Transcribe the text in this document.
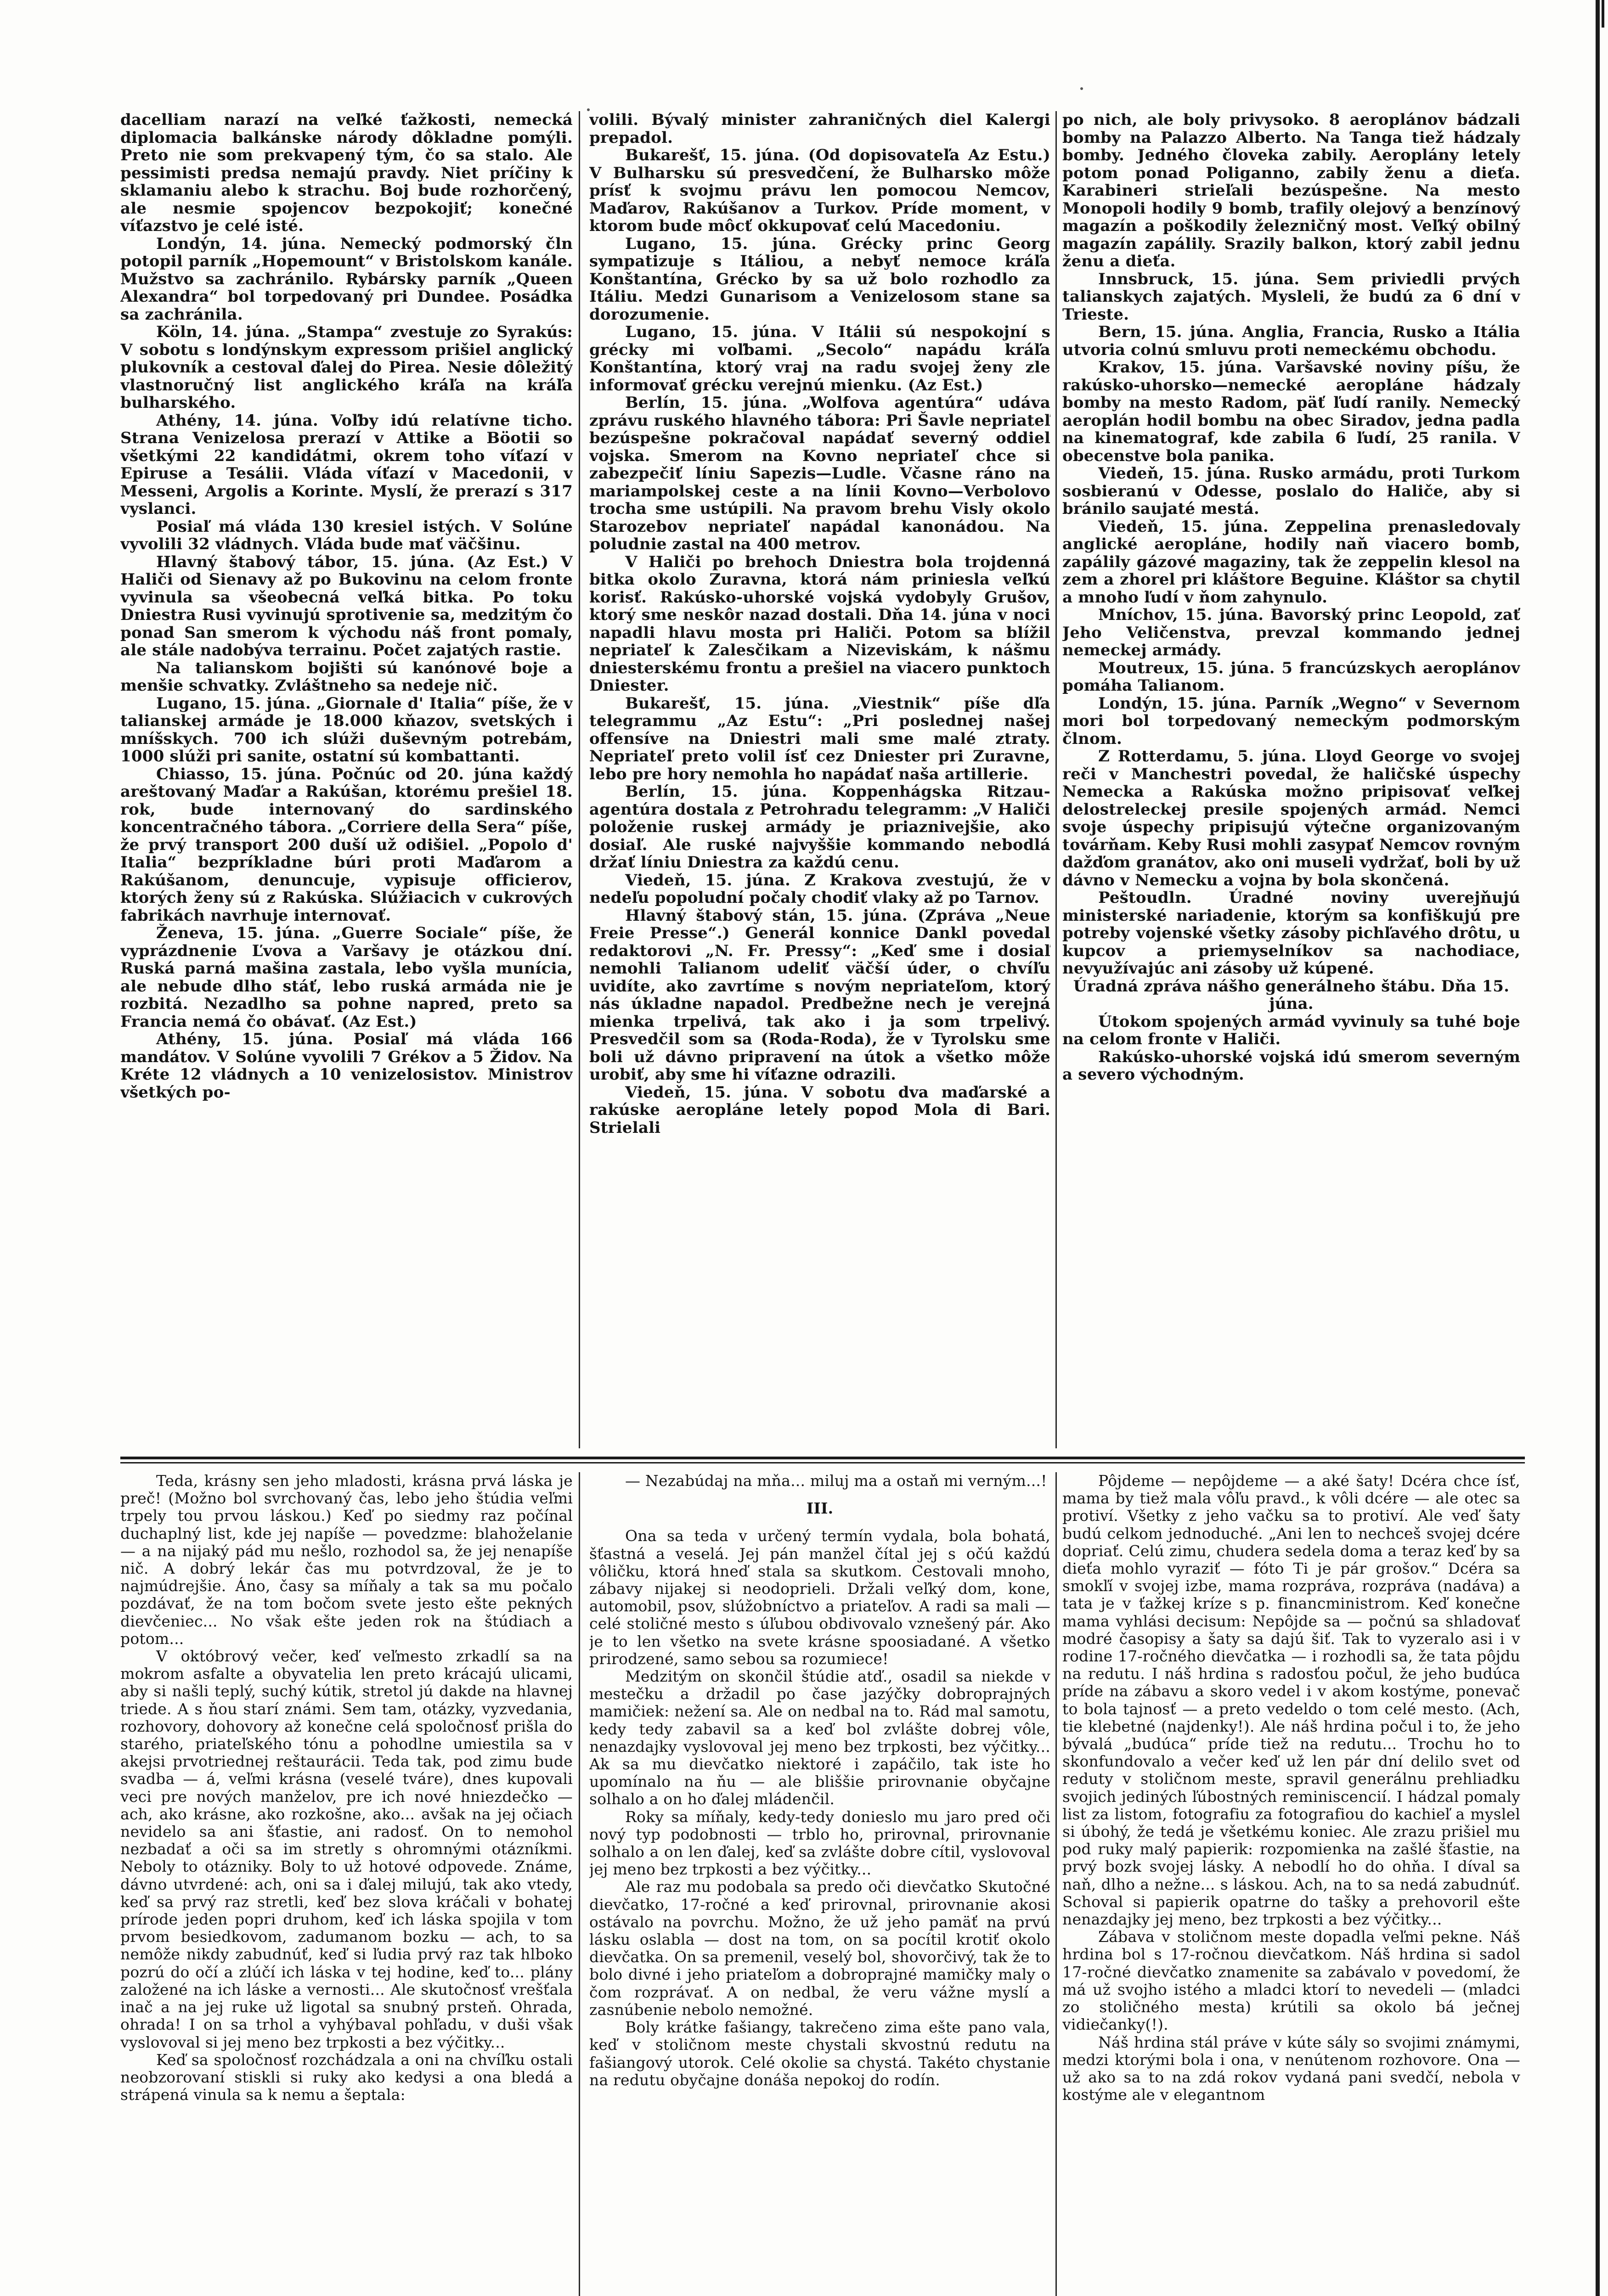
dacelliam narazí na veľké ťažkosti, nemecká diplomacia balkánske národy dôkladne pomýli. Preto nie som prekvapený tým, čo sa stalo. Ale pessimisti predsa nemajú pravdy. Niet príčiny k sklamaniu alebo k strachu. Boj bude rozhorčený, ale nesmie spojencov bezpokojiť; konečné víťazstvo je celé isté.

Londýn, 14. júna. Nemecký podmorský čln potopil parník „Hopemount“ v Bristolskom kanále. Mužstvo sa zachránilo. Rybársky parník „Queen Alexandra“ bol torpedovaný pri Dundee. Posádka sa zachránila.

Köln, 14. júna. „Stampa“ zvestuje zo Syrakús: V sobotu s londýnskym expressom prišiel anglický plukovník a cestoval ďalej do Pirea. Nesie dôležitý vlastnoručný list anglického kráľa na kráľa bulharského.

Athény, 14. júna. Voľby idú relatívne ticho. Strana Venizelosa prerazí v Attike a Böotii so všetkými 22 kandidátmi, okrem toho víťazí v Epiruse a Tesálii. Vláda víťazí v Macedonii, v Messeni, Argolis a Korinte. Myslí, že prerazí s 317 vyslanci.

Posiaľ má vláda 130 kresiel istých. V Solúne vyvolili 32 vládnych. Vláda bude mať väčšinu.

Hlavný štabový tábor, 15. júna. (Az Est.) V Haliči od Sienavy až po Bukovinu na celom fronte vyvinula sa všeobecná veľká bitka. Po toku Dniestra Rusi vyvinujú sprotivenie sa, medzitým čo ponad San smerom k východu náš front pomaly, ale stále nadobýva terrainu. Počet zajatých rastie.

Na talianskom bojišti sú kanónové boje a menšie schvatky. Zvláštneho sa nedeje nič.

Lugano, 15. júna. „Giornale d' Italia“ píše, že v talianskej armáde je 18.000 kňazov, svetských i mníšskych. 700 ich slúži duševným potrebám, 1000 slúži pri sanite, ostatní sú kombattanti.

Chiasso, 15. júna. Počnúc od 20. júna každý areštovaný Maďar a Rakúšan, ktorému prešiel 18. rok, bude internovaný do sardinského koncentračného tábora. „Corriere della Sera“ píše, že prvý transport 200 duší už odišiel. „Popolo d' Italia“ bezpríkladne búri proti Maďarom a Rakúšanom, denuncuje, vypisuje officierov, ktorých ženy sú z Rakúska. Slúžiacich v cukrových fabrikách navrhuje internovať.

Ženeva, 15. júna. „Guerre Sociale“ píše, že vyprázdnenie Ľvova a Varšavy je otázkou dní. Ruská parná mašina zastala, lebo vyšla munícia, ale nebude dlho stáť, lebo ruská armáda nie je rozbitá. Nezadlho sa pohne napred, preto sa Francia nemá čo obávať. (Az Est.)

Athény, 15. júna. Posiaľ má vláda 166 mandátov. V Solúne vyvolili 7 Grékov a 5 Židov. Na Kréte 12 vládnych a 10 venizelosistov. Ministrov všetkých po-

volili. Bývalý minister zahraničných diel Kalergi prepadol.

Bukarešť, 15. júna. (Od dopisovateľa Az Estu.) V Bulharsku sú presvedčení, že Bulharsko môže prísť k svojmu právu len pomocou Nemcov, Maďarov, Rakúšanov a Turkov. Príde moment, v ktorom bude môcť okkupovať celú Macedoniu.

Lugano, 15. júna. Grécky princ Georg sympatizuje s Itáliou, a nebyť nemoce kráľa Konštantína, Grécko by sa už bolo rozhodlo za Itáliu. Medzi Gunarisom a Venizelosom stane sa dorozumenie.

Lugano, 15. júna. V Itálii sú nespokojní s grécky mi voľbami. „Secolo“ napádu kráľa Konštantína, ktorý vraj na radu svojej ženy zle informovať grécku verejnú mienku. (Az Est.)

Berlín, 15. júna. „Wolfova agentúra“ udáva zprávu ruského hlavného tábora: Pri Šavle nepriateľ bezúspešne pokračoval napádať severný oddiel vojska. Smerom na Kovno nepriateľ chce si zabezpečiť líniu Sapezis—Ludle. Včasne ráno na mariampolskej ceste a na línii Kovno—Verbolovo trocha sme ustúpili. Na pravom brehu Visly okolo Starozebov nepriateľ napádal kanonádou. Na poludnie zastal na 400 metrov.

V Haliči po brehoch Dniestra bola trojdenná bitka okolo Zuravna, ktorá nám priniesla veľkú korisť. Rakúsko-uhorské vojská vydobyly Grušov, ktorý sme neskôr nazad dostali. Dňa 14. júna v noci napadli hlavu mosta pri Haliči. Potom sa blížil nepriateľ k Zalesčikam a Nizeviskám, k nášmu dniesterskému frontu a prešiel na viacero punktoch Dniester.

Bukarešť, 15. júna. „Viestnik“ píše dľa telegrammu „Az Estu“: „Pri poslednej našej offensíve na Dniestri mali sme malé ztraty. Nepriateľ preto volil ísť cez Dniester pri Zuravne, lebo pre hory nemohla ho napádať naša artillerie.

Berlín, 15. júna. Koppenhágska Ritzau-agentúra dostala z Petrohradu telegramm: „V Haliči položenie ruskej armády je priaznivejšie, ako dosiaľ. Ale ruské najvyššie kommando nebodlá držať líniu Dniestra za každú cenu.

Viedeň, 15. júna. Z Krakova zvestujú, že v nedeľu popoludní počaly chodiť vlaky až po Tarnov.

Hlavný štabový stán, 15. júna. (Zpráva „Neue Freie Presse“.) Generál konnice Dankl povedal redaktorovi „N. Fr. Pressy“: „Keď sme i dosiaľ nemohli Talianom udeliť väčší úder, o chvíľu uvidíte, ako zavrtíme s novým nepriateľom, ktorý nás úkladne napadol. Predbežne nech je verejná mienka trpelivá, tak ako i ja som trpelivý. Presvedčil som sa (Roda-Roda), že v Tyrolsku sme boli už dávno pripravení na útok a všetko môže urobiť, aby sme hi víťazne odrazili.

Viedeň, 15. júna. V sobotu dva maďarské a rakúske aeropláne letely popod Mola di Bari. Strielali

po nich, ale boly privysoko. 8 aeroplánov bádzali bomby na Palazzo Alberto. Na Tanga tiež hádzaly bomby. Jedného človeka zabily. Aeroplány letely potom ponad Poliganno, zabily ženu a dieťa. Karabineri strieľali bezúspešne. Na mesto Monopoli hodily 9 bomb, trafily olejový a benzínový magazín a poškodily železničný most. Veľký obilný magazín zapálily. Srazily balkon, ktorý zabil jednu ženu a dieťa.

Innsbruck, 15. júna. Sem priviedli prvých talianskych zajatých. Mysleli, že budú za 6 dní v Trieste.

Bern, 15. júna. Anglia, Francia, Rusko a Itália utvoria colnú smluvu proti nemeckému obchodu.

Krakov, 15. júna. Varšavské noviny píšu, že rakúsko-uhorsko—nemecké aeropláne hádzaly bomby na mesto Radom, päť ľudí ranily. Nemecký aeroplán hodil bombu na obec Siradov, jedna padla na kinematograf, kde zabila 6 ľudí, 25 ranila. V obecenstve bola panika.

Viedeň, 15. júna. Rusko armádu, proti Turkom sosbieranú v Odesse, poslalo do Haliče, aby si bránilo saujaté mestá.

Viedeň, 15. júna. Zeppelina prenasledovaly anglické aeropláne, hodily naň viacero bomb, zapálily gázové magaziny, tak že zeppelin klesol na zem a zhorel pri kláštore Beguine. Kláštor sa chytil a mnoho ľudí v ňom zahynulo.

Mníchov, 15. júna. Bavorský princ Leopold, zať Jeho Veličenstva, prevzal kommando jednej nemeckej armády.

Moutreux, 15. júna. 5 francúzskych aeroplánov pomáha Talianom.

Londýn, 15. júna. Parník „Wegno“ v Severnom mori bol torpedovaný nemeckým podmorským člnom.

Z Rotterdamu, 5. júna. Lloyd George vo svojej reči v Manchestri povedal, že haličské úspechy Nemecka a Rakúska možno pripisovať veľkej delostreleckej presile spojených armád. Nemci svoje úspechy pripisujú výtečne organizovaným továrňam. Keby Rusi mohli zasypať Nemcov rovným dažďom granátov, ako oni museli vydržať, boli by už dávno v Nemecku a vojna by bola skončená.

Peštoudln. Úradné noviny uverejňujú ministerské nariadenie, ktorým sa konfiškujú pre potreby vojenské všetky zásoby pichľavého drôtu, u kupcov a priemyselníkov sa nachodiace, nevyužívajúc ani zásoby už kúpené.

Úradná zpráva nášho generálneho štábu. Dňa 15. júna.

Útokom spojených armád vyvinuly sa tuhé boje na celom fronte v Haliči.

Rakúsko-uhorské vojská idú smerom severným a severo východným.

Teda, krásny sen jeho mladosti, krásna prvá láska je preč! (Možno bol svrchovaný čas, lebo jeho štúdia veľmi trpely tou prvou láskou.) Keď po siedmy raz počínal duchaplný list, kde jej napíše — povedzme: blahoželanie — a na nijaký pád mu nešlo, rozhodol sa, že jej nenapíše nič. A dobrý lekár čas mu potvrdzoval, že je to najmúdrejšie. Áno, časy sa míňaly a tak sa mu počalo pozdávať, že na tom bočom svete jesto ešte pekných dievčeniec... No však ešte jeden rok na štúdiach a potom...

V októbrový večer, keď veľmesto zrkadlí sa na mokrom asfalte a obyvatelia len preto krácajú ulicami, aby si našli teplý, suchý kútik, stretol jú dakde na hlavnej triede. A s ňou starí známi. Sem tam, otázky, vyzvedania, rozhovory, dohovory až konečne celá spoločnosť prišla do starého, priateľského tónu a pohodlne umiestila sa v akejsi prvotriednej reštaurácii. Teda tak, pod zimu bude svadba — á, veľmi krásna (veselé tváre), dnes kupovali veci pre nových manželov, pre ich nové hniezdečko — ach, ako krásne, ako rozkošne, ako... avšak na jej očiach nevidelo sa ani šťastie, ani radosť. On to nemohol nezbadať a oči sa im stretly s ohromnými otázníkmi. Neboly to otázniky. Boly to už hotové odpovede. Známe, dávno utvrdené: ach, oni sa i ďalej milujú, tak ako vtedy, keď sa prvý raz stretli, keď bez slova kráčali v bohatej prírode jeden popri druhom, keď ich láska spojila v tom prvom besiedkovom, zadumanom bozku — ach, to sa nemôže nikdy zabudnúť, keď si ľudia prvý raz tak hlboko pozrú do očí a zlúčí ich láska v tej hodine, keď to... plány založené na ich láske a vernosti... Ale skutočnosť vrešťala inač a na jej ruke už ligotal sa snubný prsteň. Ohrada, ohrada! I on sa trhol a vyhýbaval pohľadu, v duši však vyslovoval si jej meno bez trpkosti a bez výčitky...

Keď sa spoločnosť rozchádzala a oni na chvíľku ostali neobzorovaní stiskli si ruky ako kedysi a ona bledá a strápená vinula sa k nemu a šeptala:

— Nezabúdaj na mňa... miluj ma a ostaň mi verným...!

III.

Ona sa teda v určený termín vydala, bola bohatá, šťastná a veselá. Jej pán manžel čítal jej s očú každú vôličku, ktorá hneď stala sa skutkom. Cestovali mnoho, zábavy nijakej si neodoprieli. Držali veľký dom, kone, automobil, psov, slúžobníctvo a priateľov. A radi sa mali — celé stoličné mesto s úľubou obdivovalo vznešený pár. Ako je to len všetko na svete krásne spoosiadané. A všetko prirodzené, samo sebou sa rozumiece!

Medzitým on skončil štúdie atď., osadil sa niekde v mestečku a držadil po čase jazýčky dobroprajných mamičiek: nežení sa. Ale on nedbal na to. Rád mal samotu, kedy tedy zabavil sa a keď bol zvlášte dobrej vôle, nenazdajky vyslovoval jej meno bez trpkosti, bez výčitky... Ak sa mu dievčatko niektoré i zapáčilo, tak iste ho upomínalo na ňu — ale bliššie prirovnanie obyčajne solhalo a on ho ďalej mládenčil.

Roky sa míňaly, kedy-tedy donieslo mu jaro pred oči nový typ podobnosti — trblo ho, prirovnal, prirovnanie solhalo a on len ďalej, keď sa zvlášte dobre cítil, vyslovoval jej meno bez trpkosti a bez výčitky...

Ale raz mu podobala sa predo oči dievčatko Skutočné dievčatko, 17-ročné a keď prirovnal, prirovnanie akosi ostávalo na povrchu. Možno, že už jeho pamäť na prvú lásku oslabla — dost na tom, on sa pocítil krotiť okolo dievčatka. On sa premenil, veselý bol, shovorčivý, tak že to bolo divné i jeho priateľom a dobroprajné mamičky maly o čom rozprávať. A on nedbal, že veru vážne myslí a zasnúbenie nebolo nemožné.

Boly krátke fašiangy, takrečeno zima ešte pano vala, keď v stoličnom meste chystali skvostnú redutu na fašiangový utorok. Celé okolie sa chystá. Takéto chystanie na redutu obyčajne donáša nepokoj do rodín.

Pôjdeme — nepôjdeme — a aké šaty! Dcéra chce ísť, mama by tiež mala vôľu pravd., k vôli dcére — ale otec sa protiví. Všetky z jeho vačku sa to protiví. Ale veď šaty budú celkom jednoduché. „Ani len to nechceš svojej dcére dopriať. Celú zimu, chudera sedela doma a teraz keď by sa dieťa mohlo vyraziť — fóto Ti je pár grošov.“ Dcéra sa smokľí v svojej izbe, mama rozpráva, rozpráva (nadáva) a tata je v ťažkej kríze s p. financministrom. Keď konečne mama vyhlási decisum: Nepôjde sa — počnú sa shladovať modré časopisy a šaty sa dajú šiť. Tak to vyzeralo asi i v rodine 17-ročného dievčatka — i rozhodli sa, že tata pôjdu na redutu. I náš hrdina s radosťou počul, že jeho budúca príde na zábavu a skoro vedel i v akom kostýme, ponevač to bola tajnosť — a preto vedeldo o tom celé mesto. (Ach, tie klebetné (najdenky!). Ale náš hrdina počul i to, že jeho bývalá „budúca“ príde tiež na redutu... Trochu ho to skonfundovalo a večer keď už len pár dní delilo svet od reduty v stoličnom meste, spravil generálnu prehliadku svojich jediných ľúbostných reminiscencií. I hádzal pomaly list za listom, fotografiu za fotografiou do kachieľ a myslel si úbohý, že tedá je všetkému koniec. Ale zrazu prišiel mu pod ruky malý papierik: rozpomienka na zašlé šťastie, na prvý bozk svojej lásky. A nebodlí ho do ohňa. I díval sa naň, dlho a nežne... s láskou. Ach, na to sa nedá zabudnúť. Schoval si papierik opatrne do tašky a prehovoril ešte nenazdajky jej meno, bez trpkosti a bez výčitky...

Zábava v stoličnom meste dopadla veľmi pekne. Náš hrdina bol s 17-ročnou dievčatkom. Náš hrdina si sadol 17-ročné dievčatko znamenite sa zabávalo v povedomí, že má už svojho istého a mladci ktorí to nevedeli — (mladci zo stoličného mesta) krútili sa okolo bá ječnej vidiečanky(!).

Náš hrdina stál práve v kúte sály so svojimi známymi, medzi ktorými bola i ona, v nenútenom rozhovore. Ona — už ako sa to na zdá rokov vydaná pani svedčí, nebola v kostýme ale v elegantnom
